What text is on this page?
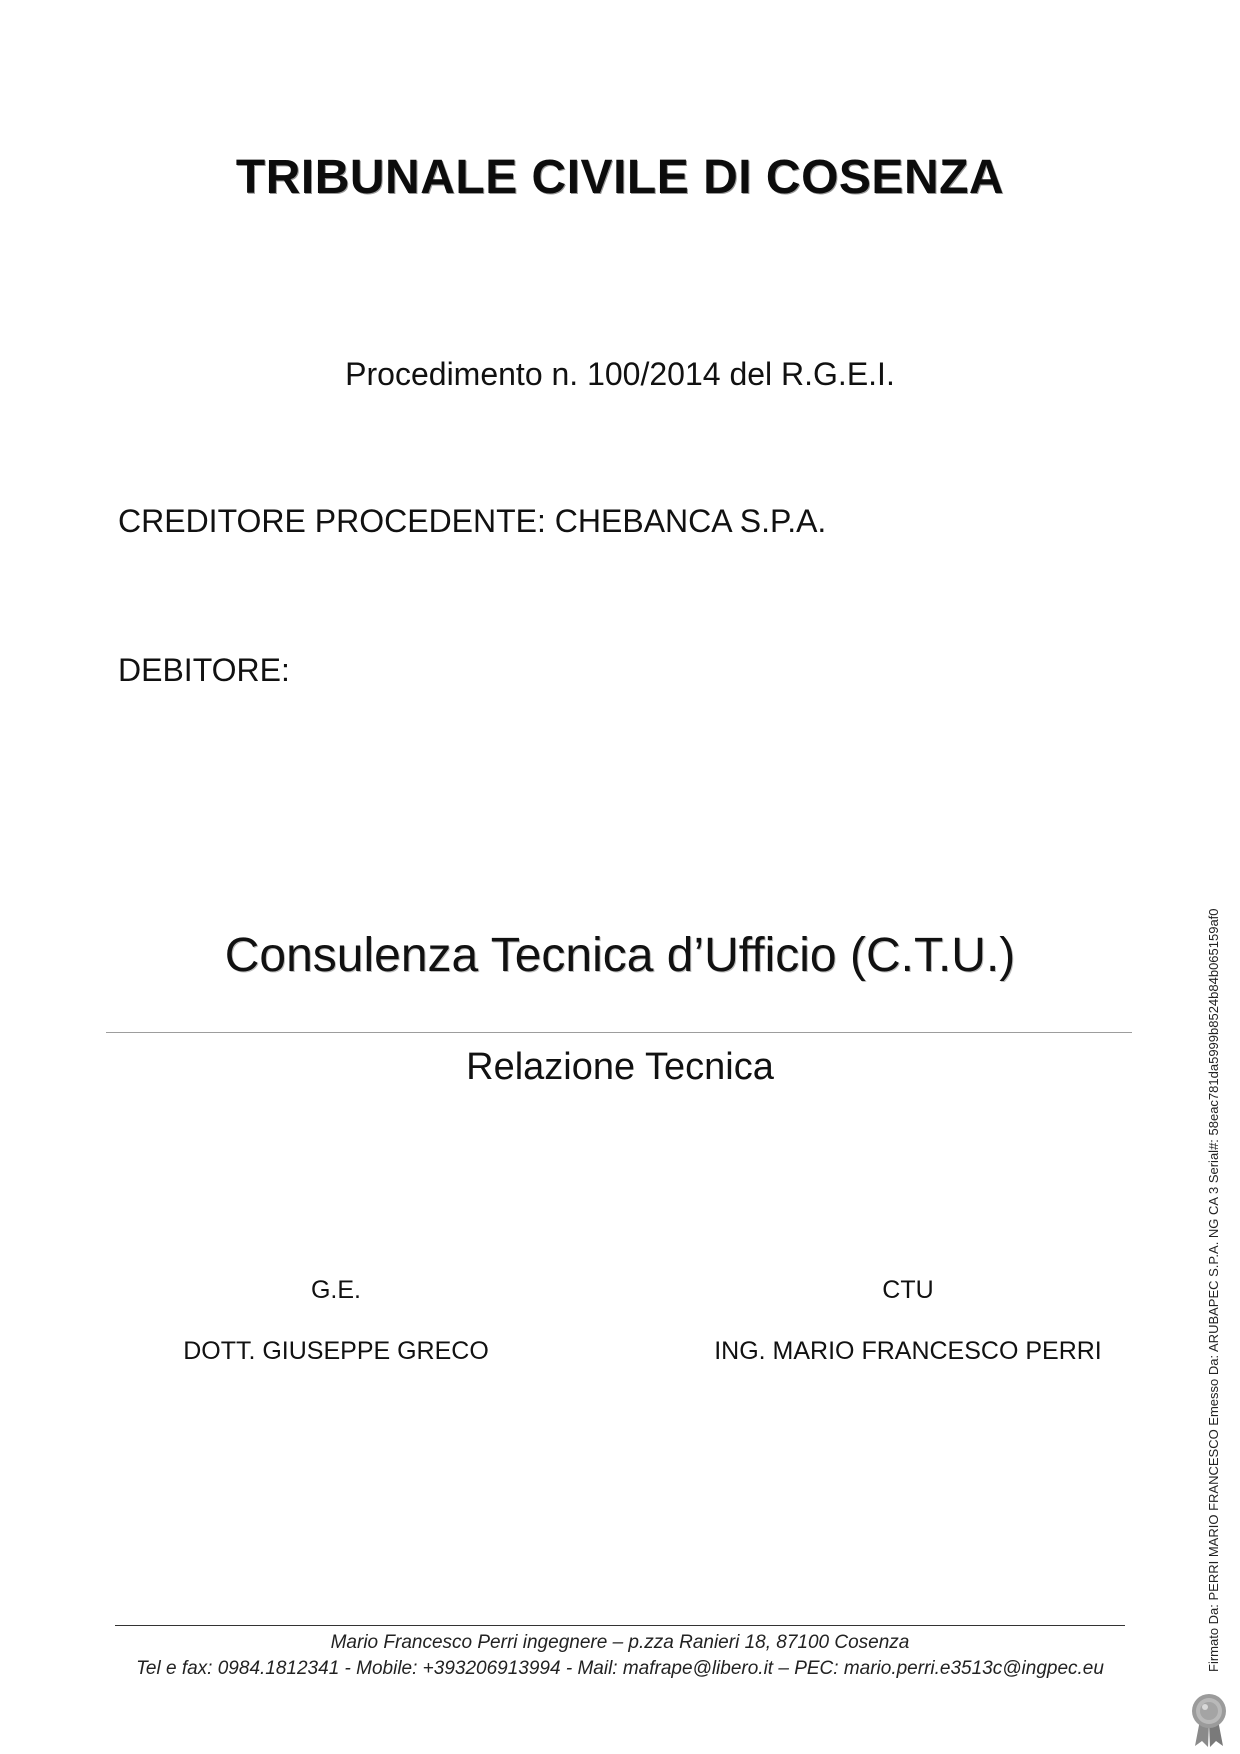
TRIBUNALE CIVILE DI COSENZA
Procedimento n. 100/2014 del R.G.E.I.
CREDITORE PROCEDENTE: CHEBANCA S.P.A.
DEBITORE:
Consulenza Tecnica d’Ufficio (C.T.U.)
Relazione Tecnica
G.E.
DOTT. GIUSEPPE GRECO
CTU
ING. MARIO FRANCESCO PERRI
Mario Francesco Perri ingegnere – p.zza Ranieri 18, 87100 Cosenza
Tel e fax: 0984.1812341 - Mobile: +393206913994 - Mail: mafrape@libero.it – PEC: mario.perri.e3513c@ingpec.eu	Firmato Da: PERRI MARIO FRANCESCO Emesso Da: ARUBAPEC S.P.A. NG CA 3 Serial#: 58eac781da5999b8524b84b065159af0
